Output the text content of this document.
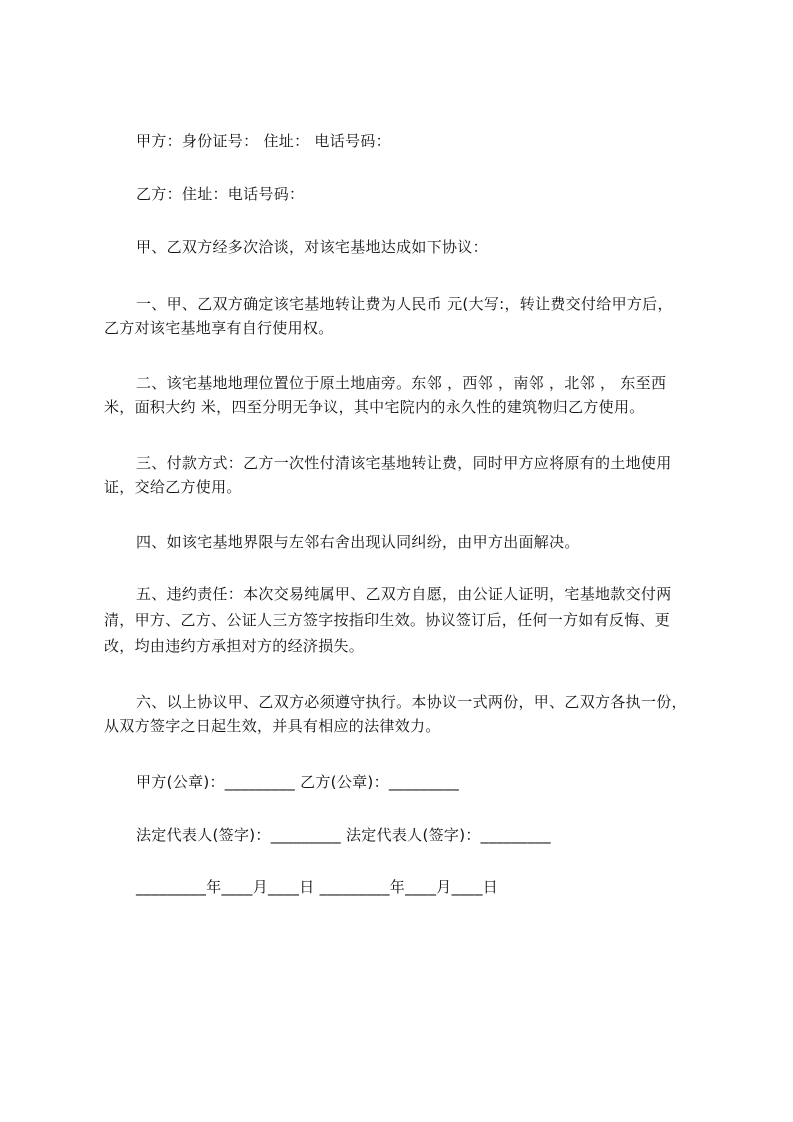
甲方：身份证号： 住址： 电话号码：
乙方：住址：电话号码：
甲、乙双方经多次洽谈，对该宅基地达成如下协议：
一、甲、乙双方确定该宅基地转让费为人民币 元(大写:，转让费交付给甲方后，
乙方对该宅基地享有自行使用权。
二、该宅基地地理位置位于原土地庙旁。东邻 ，西邻 ，南邻 ，北邻 ， 东至西
米，面积大约 米，四至分明无争议，其中宅院内的永久性的建筑物归乙方使用。
三、付款方式：乙方一次性付清该宅基地转让费，同时甲方应将原有的土地使用
证，交给乙方使用。
四、如该宅基地界限与左邻右舍出现认同纠纷，由甲方出面解决。
五、违约责任：本次交易纯属甲、乙双方自愿，由公证人证明，宅基地款交付两
清，甲方、乙方、公证人三方签字按指印生效。协议签订后，任何一方如有反悔、更
改，均由违约方承担对方的经济损失。
六、以上协议甲、乙双方必须遵守执行。本协议一式两份，甲、乙双方各执一份，
从双方签字之日起生效，并具有相应的法律效力。
甲方(公章)：_________ 乙方(公章)：_________
法定代表人(签字)：_________ 法定代表人(签字)：_________
_________年____月____日 _________年____月____日
